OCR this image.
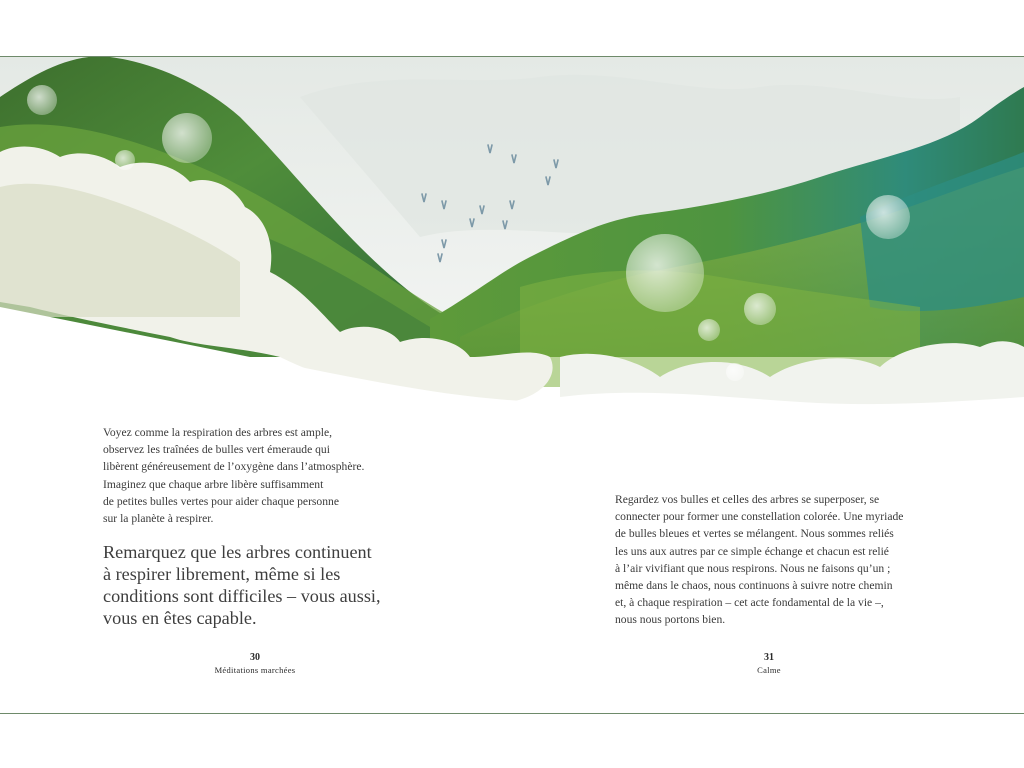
Voyez comme la respiration des arbres est ample,
observez les traînées de bulles vert émeraude qui
libèrent généreusement de l’oxygène dans l’atmosphère.
Imaginez que chaque arbre libère suffisamment
de petites bulles vertes pour aider chaque personne
sur la planète à respirer.
Remarquez que les arbres continuent
à respirer librement, même si les
conditions sont difficiles – vous aussi,
vous en êtes capable.
30
Méditations marchées
Regardez vos bulles et celles des arbres se superposer, se
connecter pour former une constellation colorée. Une myriade
de bulles bleues et vertes se mélangent. Nous sommes reliés
les uns aux autres par ce simple échange et chacun est relié
à l’air vivifiant que nous respirons. Nous ne faisons qu’un ;
même dans le chaos, nous continuons à suivre notre chemin
et, à chaque respiration – cet acte fondamental de la vie –,
nous nous portons bien.
31
Calme
